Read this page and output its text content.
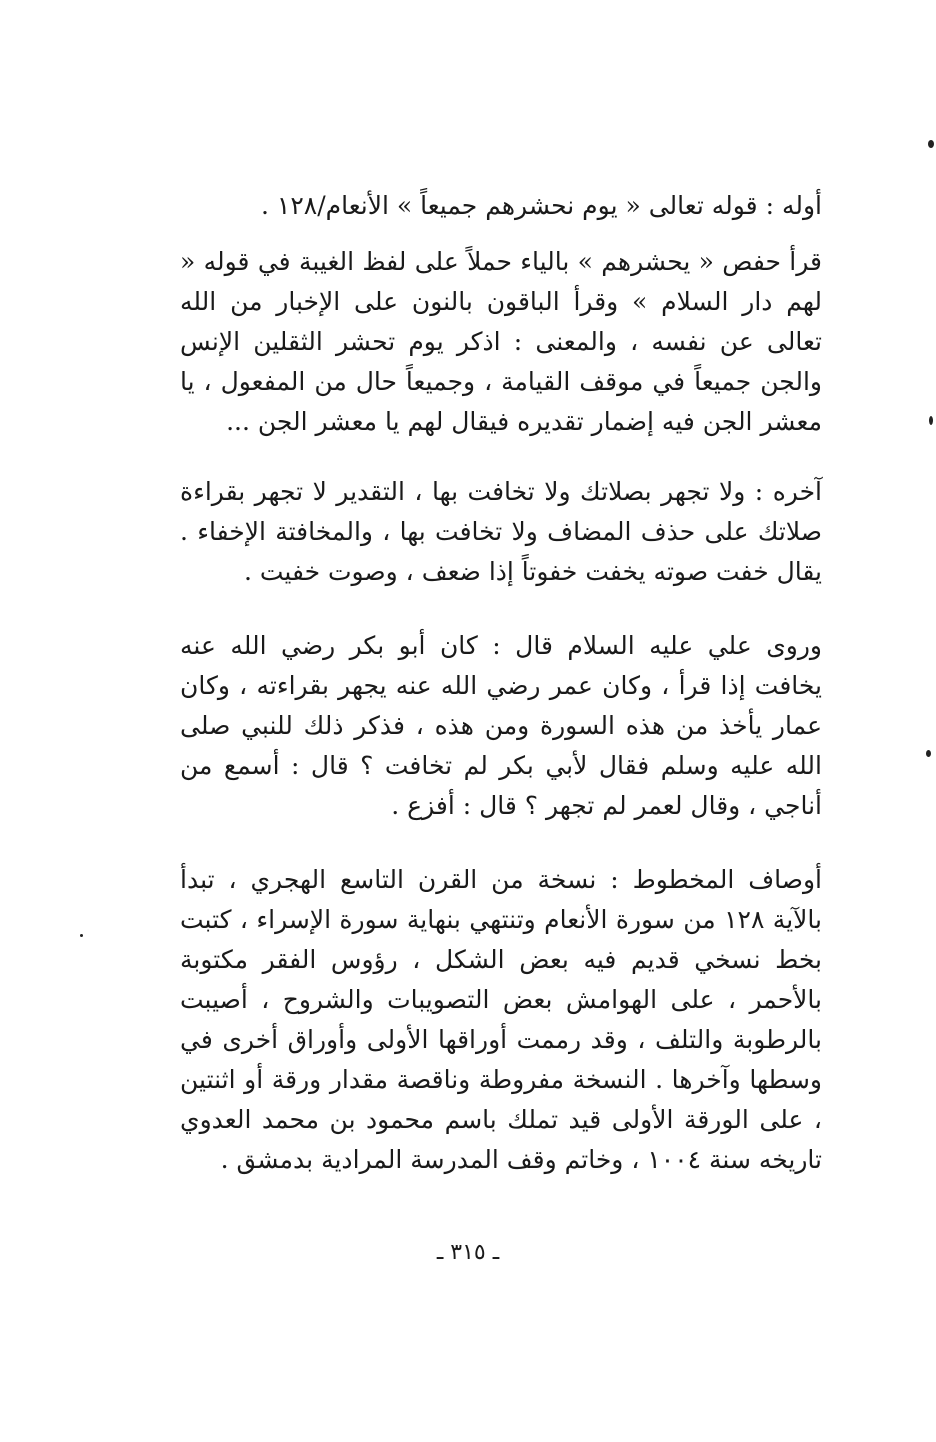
أوله : قوله تعالى « يوم نحشرهم جميعاً » الأنعام/١٢٨ .

قرأ حفص « يحشرهم » بالياء حملاً على لفظ الغيبة في قوله « لهم دار السلام » وقرأ الباقون بالنون على الإخبار من الله تعالى عن نفسه ، والمعنى : اذكر يوم تحشر الثقلين الإنس والجن جميعاً في موقف القيامة ، وجميعاً حال من المفعول ، يا معشر الجن فيه إضمار تقديره فيقال لهم يا معشر الجن ...

آخره : ولا تجهر بصلاتك ولا تخافت بها ، التقدير لا تجهر بقراءة صلاتك على حذف المضاف ولا تخافت بها ، والمخافتة الإخفاء . يقال خفت صوته يخفت خفوتاً إذا ضعف ، وصوت خفيت .

وروى علي عليه السلام قال : كان أبو بكر رضي الله عنه يخافت إذا قرأ ، وكان عمر رضي الله عنه يجهر بقراءته ، وكان عمار يأخذ من هذه السورة ومن هذه ، فذكر ذلك للنبي صلى الله عليه وسلم فقال لأبي بكر لم تخافت ؟ قال : أسمع من أناجي ، وقال لعمر لم تجهر ؟ قال : أفزع .

أوصاف المخطوط : نسخة من القرن التاسع الهجري ، تبدأ بالآية ١٢٨ من سورة الأنعام وتنتهي بنهاية سورة الإسراء ، كتبت بخط نسخي قديم فيه بعض الشكل ، رؤوس الفقر مكتوبة بالأحمر ، على الهوامش بعض التصويبات والشروح ، أصيبت بالرطوبة والتلف ، وقد رممت أوراقها الأولى وأوراق أخرى في وسطها وآخرها . النسخة مفروطة وناقصة مقدار ورقة أو اثنتين ، على الورقة الأولى قيد تملك باسم محمود بن محمد العدوي تاريخه سنة ١٠٠٤ ، وخاتم وقف المدرسة المرادية بدمشق .

ـ ٣١٥ ـ
